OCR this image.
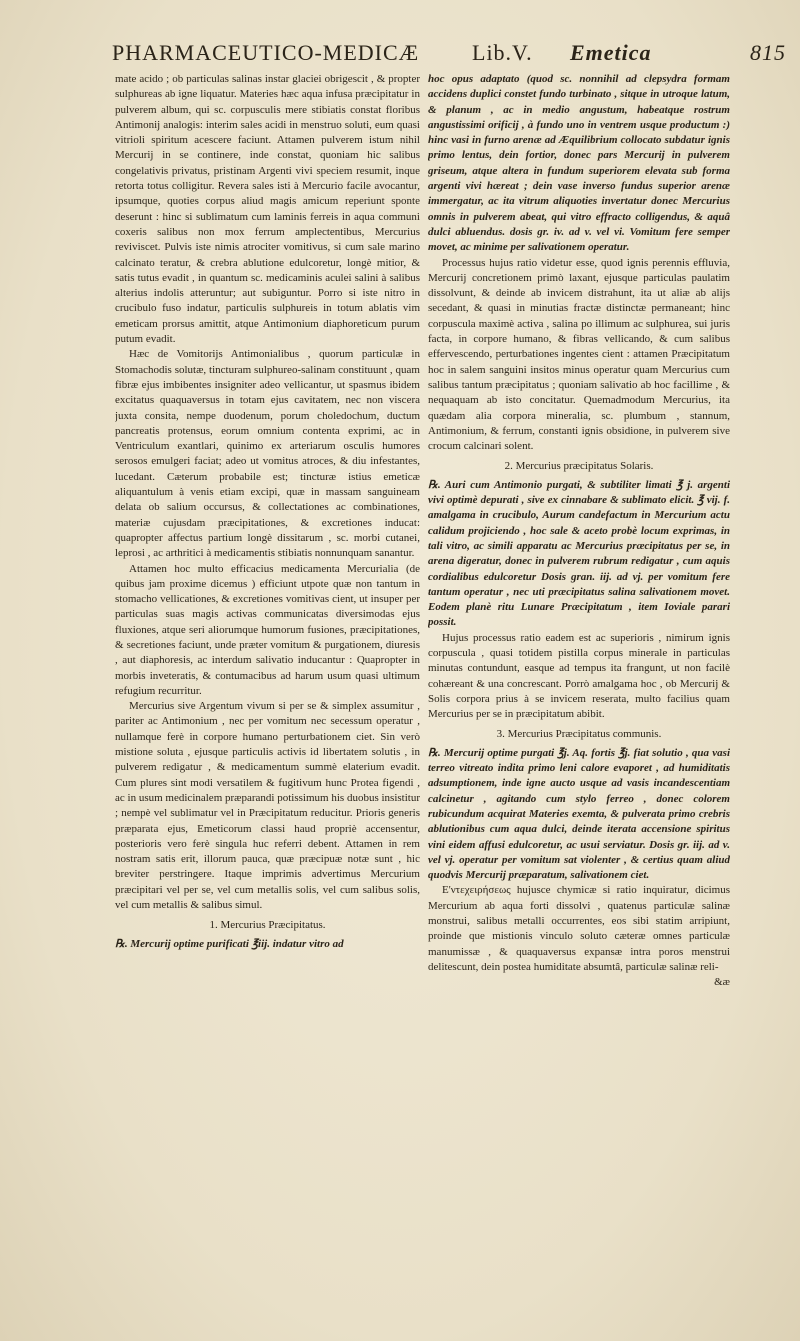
PHARMACEUTICO-MEDICÆ Lib.V. Emetica	815

mate acido ; ob particulas salinas instar glaciei obrigescit , & propter sulphureas ab igne liquatur. Materies hæc aqua infusa præcipitatur in pulverem album, qui sc. corpusculis mere stibiatis constat floribus Antimonij analogis: interim sales acidi in menstruo soluti, eum quasi vitrioli spiritum acescere faciunt. Attamen pulverem istum nihil Mercurij in se continere, inde constat, quoniam hic salibus congelativis privatus, pristinam Argenti vivi speciem resumit, inque retorta totus colligitur. Revera sales isti à Mercurio facile avocantur, ipsumque, quoties corpus aliud magis amicum reperiunt sponte deserunt : hinc si sublimatum cum laminis ferreis in aqua communi coxeris salibus non mox ferrum amplectentibus, Mercurius reviviscet. Pulvis iste nimis atrociter vomitivus, si cum sale marino calcinato teratur, & crebra ablutione edulcoretur, longè mitior, & satis tutus evadit , in quantum sc. medicaminis aculei salini à salibus alterius indolis atteruntur; aut subiguntur. Porro si iste nitro in crucibulo fuso indatur, particulis sulphureis in totum ablatis vim emeticam prorsus amittit, atque Antimonium diaphoreticum purum putum evadit.

Hæc de Vomitorijs Antimonialibus , quorum particulæ in Stomachodis solutæ, tincturam sulphureo-salinam constituunt , quam fibræ ejus imbibentes insigniter adeo vellicantur, ut spasmus ibidem excitatus quaquaversus in totam ejus cavitatem, nec non viscera juxta consita, nempe duodenum, porum choledochum, ductum pancreatis protensus, eorum omnium contenta exprimi, ac in Ventriculum exantlari, quinimo ex arteriarum osculis humores serosos emulgeri faciat; adeo ut vomitus atroces, & diu infestantes, lucedant. Cæterum probabile est; tincturæ istius emeticæ aliquantulum à venis etiam excipi, quæ in massam sanguineam delata ob salium occursus, & collectationes ac combinationes, materiæ cujusdam præcipitationes, & excretiones inducat: quapropter affectus partium longè dissitarum , sc. morbi cutanei, leprosi , ac arthritici à medicamentis stibiatis nonnunquam sanantur.

Attamen hoc multo efficacius medicamenta Mercurialia (de quibus jam proxime dicemus ) efficiunt utpote quæ non tantum in stomacho vellicationes, & excretiones vomitivas cient, ut insuper per particulas suas magis activas communicatas diversimodas ejus fluxiones, atque seri aliorumque humorum fusiones, præcipitationes, & secretiones faciunt, unde præter vomitum & purgationem, diuresis , aut diaphoresis, ac interdum salivatio inducantur : Quapropter in morbis inveteratis, & contumacibus ad harum usum quasi ultimum refugium recurritur.

Mercurius sive Argentum vivum si per se & simplex assumitur , pariter ac Antimonium , nec per vomitum nec secessum operatur , nullamque ferè in corpore humano perturbationem ciet. Sin verò mistione soluta , ejusque particulis activis id libertatem solutis , in pulverem redigatur , & medicamentum summè elaterium evadit. Cum plures sint modi versatilem & fugitivum hunc Protea figendi , ac in usum medicinalem præparandi potissimum his duobus insistitur ; nempè vel sublimatur vel in Præcipitatum reducitur. Prioris generis præparata ejus, Emeticorum classi haud propriè accensentur, posterioris vero ferè singula huc referri debent. Attamen in rem nostram satis erit, illorum pauca, quæ præcipuæ notæ sunt , hic breviter perstringere. Itaque imprimis advertimus Mercurium præcipitari vel per se, vel cum metallis solis, vel cum salibus solis, vel cum metallis & salibus simul.

1. Mercurius Præcipitatus.

℞. Mercurij optime purificati ℥iij. indatur vitro ad

hoc opus adaptato (quod sc. nonnihil ad clepsydra formam accidens duplici constet fundo turbinato , sitque in utroque latum, & planum , ac in medio angustum, habeatque rostrum angustissimi orificij , à fundo uno in ventrem usque productum :) hinc vasi in furno arenæ ad Æquilibrium collocato subdatur ignis primo lentus, dein fortior, donec pars Mercurij in pulverem griseum, atque altera in fundum superiorem elevata sub forma argenti vivi hæreat ; dein vase inverso fundus superior arenæ immergatur, ac ita vitrum aliquoties invertatur donec Mercurius omnis in pulverem abeat, qui vitro effracto colligendus, & aquâ dulci abluendus. dosis gr. iv. ad v. vel vi. Vomitum fere semper movet, ac minime per salivationem operatur.

Processus hujus ratio videtur esse, quod ignis perennis effluvia, Mercurij concretionem primò laxant, ejusque particulas paulatim dissolvunt, & deinde ab invicem distrahunt, ita ut aliæ ab alijs secedant, & quasi in minutias fractæ distinctæ permaneant; hinc corpuscula maximè activa , salina po illimum ac sulphurea, sui juris facta, in corpore humano, & fibras vellicando, & cum salibus effervescendo, perturbationes ingentes cient : attamen Præcipitatum hoc in salem sanguini insitos minus operatur quam Mercurius cum salibus tantum præcipitatus ; quoniam salivatio ab hoc facillime , & nequaquam ab isto concitatur. Quemadmodum Mercurius, ita quædam alia corpora mineralia, sc. plumbum , stannum, Antimonium, & ferrum, constanti ignis obsidione, in pulverem sive crocum calcinari solent.

2. Mercurius præcipitatus Solaris.

℞. Auri cum Antimonio purgati, & subtiliter limati ℥ j. argenti vivi optimè depurati , sive ex cinnabare & sublimato elicit. ℥ vij. f. amalgama in crucibulo, Aurum candefactum in Mercurium actu calidum projiciendo , hoc sale & aceto probè locum exprimas, in tali vitro, ac simili apparatu ac Mercurius præcipitatus per se, in arena digeratur, donec in pulverem rubrum redigatur , cum aquis cordialibus edulcoretur Dosis gran. iij. ad vj. per vomitum fere tantum operatur , nec uti præcipitatus salina salivationem movet. Eodem planè ritu Lunare Præcipitatum , item Ioviale parari possit.

Hujus processus ratio eadem est ac superioris , nimirum ignis corpuscula , quasi totidem pistilla corpus minerale in particulas minutas contundunt, easque ad tempus ita frangunt, ut non facilè cohæreant & una concrescant. Porrò amalgama hoc , ob Mercurij & Solis corpora prius à se invicem reserata, multo facilius quam Mercurius per se in præcipitatum abibit.

3. Mercurius Præcipitatus communis.

℞. Mercurij optime purgati ℥j. Aq. fortis ℥j. fiat solutio , qua vasi terreo vitreato indita primo leni calore evaporet , ad humiditatis adsumptionem, inde igne aucto usque ad vasis incandescentiam calcinetur , agitando cum stylo ferreo , donec colorem rubicundum acquirat Materies exemta, & pulverata primo crebris ablutionibus cum aqua dulci, deinde iterata accensione spiritus vini eidem affusi edulcoretur, ac usui serviatur. Dosis gr. iij. ad v. vel vj. operatur per vomitum sat violenter , & certius quam aliud quodvis Mercurij præparatum, salivationem ciet.

Ε'ντεχειρήσεως hujusce chymicæ si ratio inquiratur, dicimus Mercurium ab aqua forti dissolvi , quatenus particulæ salinæ monstrui, salibus metalli occurrentes, eos sibi statim arripiunt, proinde que mistionis vinculo soluto cæteræ omnes particulæ manumissæ , & quaquaversus expansæ intra poros menstrui delitescunt, dein postea humiditate absumtâ, particulæ salinæ reli-

&æ
